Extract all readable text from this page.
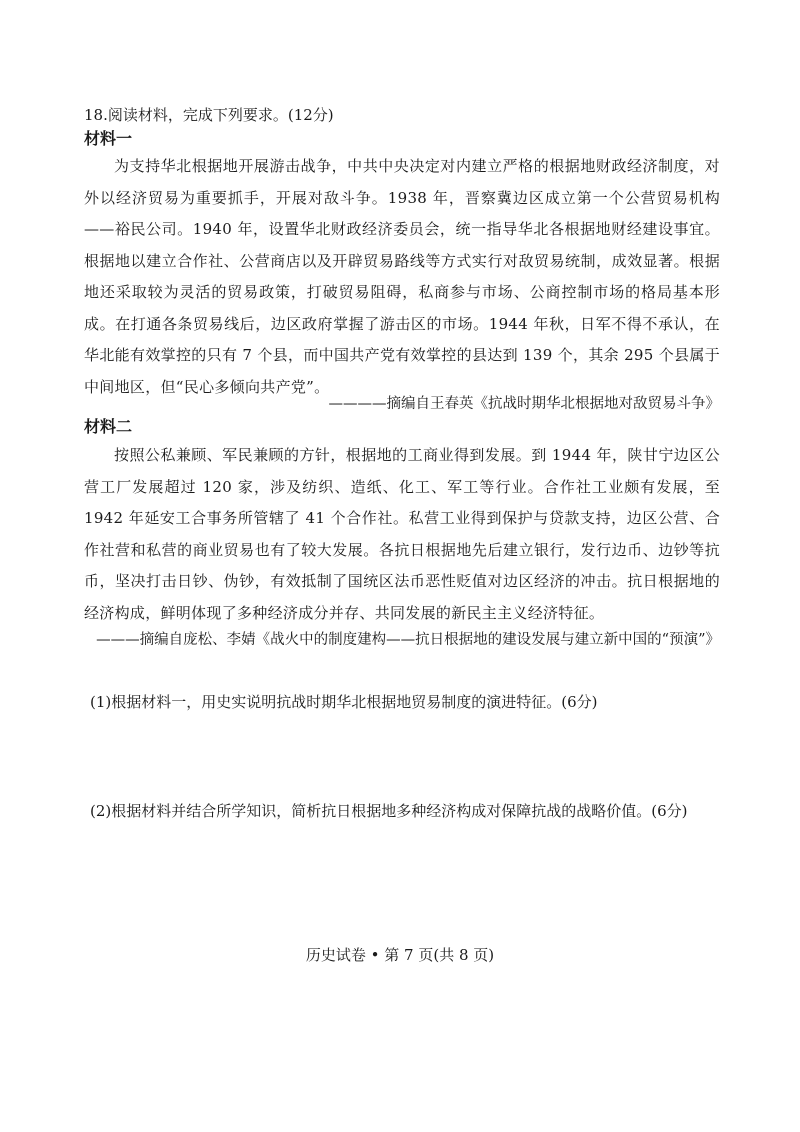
18.阅读材料，完成下列要求。(12分)
材料一
为支持华北根据地开展游击战争，中共中央决定对内建立严格的根据地财政经济制度，对外以经济贸易为重要抓手，开展对敌斗争。1938 年，晋察冀边区成立第一个公营贸易机构——裕民公司。1940 年，设置华北财政经济委员会，统一指导华北各根据地财经建设事宜。根据地以建立合作社、公营商店以及开辟贸易路线等方式实行对敌贸易统制，成效显著。根据地还采取较为灵活的贸易政策，打破贸易阻碍，私商参与市场、公商控制市场的格局基本形成。在打通各条贸易线后，边区政府掌握了游击区的市场。1944 年秋，日军不得不承认，在华北能有效掌控的只有 7 个县，而中国共产党有效掌控的县达到 139 个，其余 295 个县属于中间地区，但“民心多倾向共产党”。
————摘编自王春英《抗战时期华北根据地对敌贸易斗争》
材料二
按照公私兼顾、军民兼顾的方针，根据地的工商业得到发展。到 1944 年，陕甘宁边区公营工厂发展超过 120 家，涉及纺织、造纸、化工、军工等行业。合作社工业颇有发展，至 1942 年延安工合事务所管辖了 41 个合作社。私营工业得到保护与贷款支持，边区公营、合作社营和私营的商业贸易也有了较大发展。各抗日根据地先后建立银行，发行边币、边钞等抗币，坚决打击日钞、伪钞，有效抵制了国统区法币恶性贬值对边区经济的冲击。抗日根据地的经济构成，鲜明体现了多种经济成分并存、共同发展的新民主主义经济特征。
———摘编自庞松、李婧《战火中的制度建构——抗日根据地的建设发展与建立新中国的“预演”》
(1)根据材料一，用史实说明抗战时期华北根据地贸易制度的演进特征。(6分)
(2)根据材料并结合所学知识，简析抗日根据地多种经济构成对保障抗战的战略价值。(6分)
历史试卷 • 第 7 页(共 8 页)
